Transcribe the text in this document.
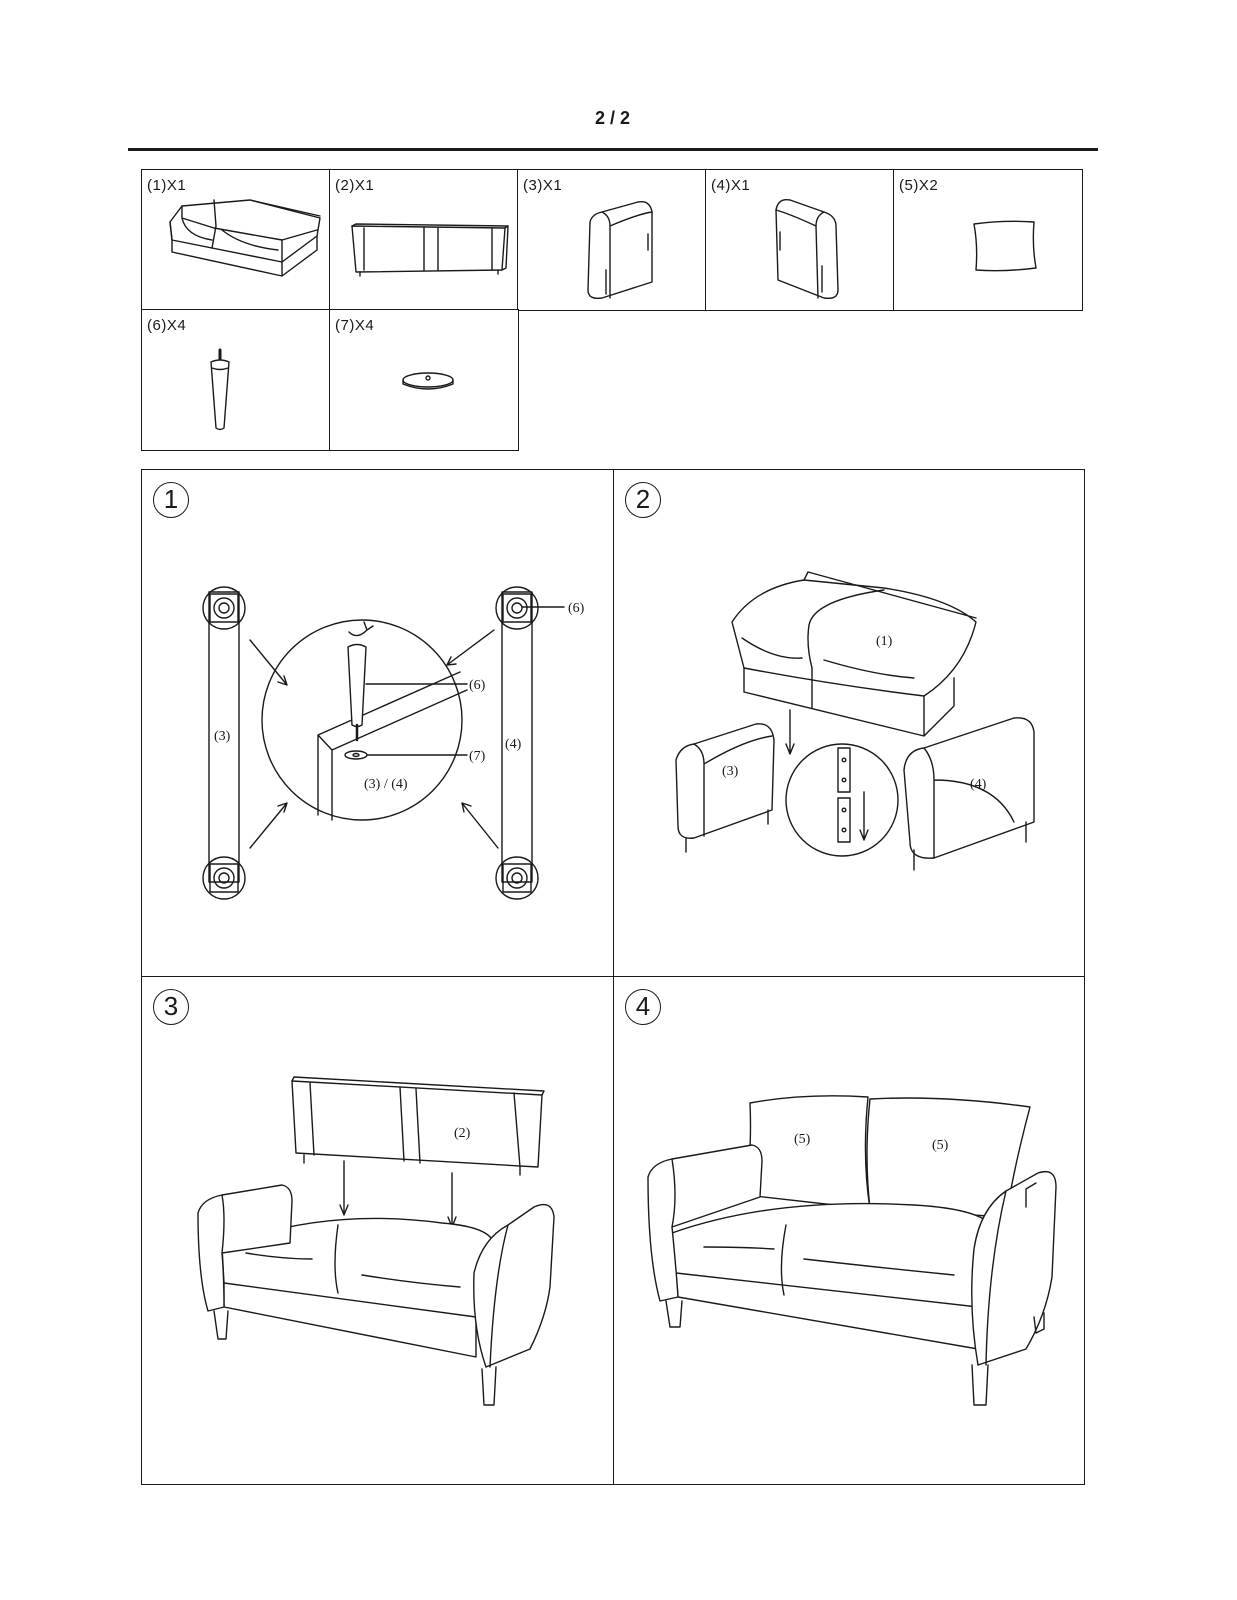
2 / 2
(1)X1	(2)X1	(3)X1	(4)X1	(5)X2
(6)X4	(7)X4
1
(3)
(4)
(6)
(6)
(7)
(3) / (4)
2
(1)
(3)
(4)
3
(2)
4
(5)	(5)
